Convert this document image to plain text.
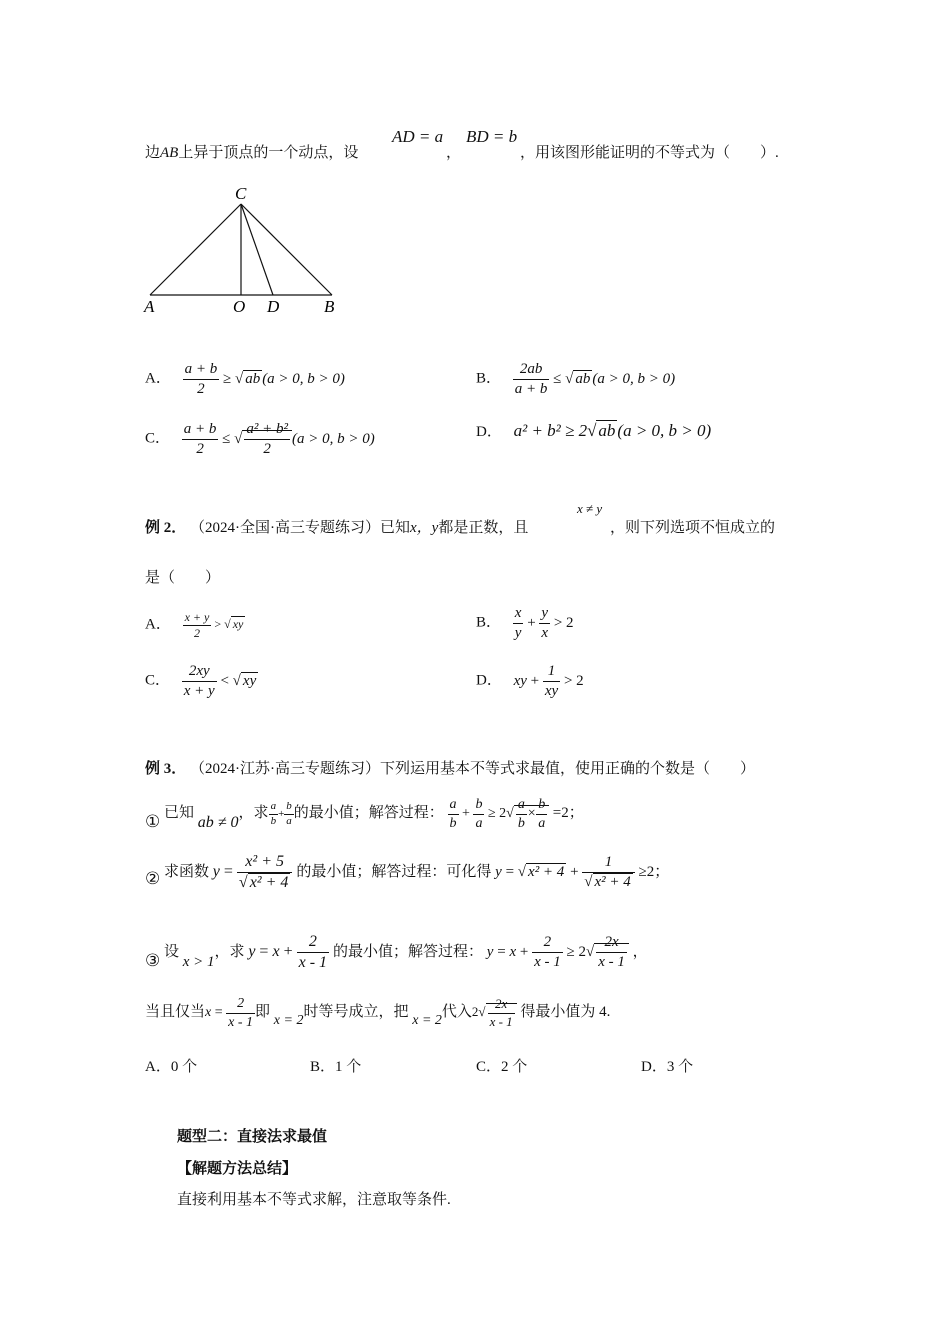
边AB上异于顶点的一个动点，设
AD = a
，
BD = b
，用该图形能证明的不等式为（　　）.
C
A	O D	B
A． $\frac{a + b}{2}$ ≥ √ ab (a > 0, b > 0)	B． $\frac{2ab}{a + b}$ ≤ √ ab (a > 0, b > 0)
C． $\frac{a + b}{2}$ ≤ √ $\frac{\text{a² + b²}}{2} (a > 0$, b > 0)	D． a² + b² ≥ 2√ ab (a > 0, b > 0)
例 2． （2024·全国·高三专题练习）已知x，y都是正数，且
x ≠ y
，则下列选项不恒成立的
是（　　）
A． $\frac{x + y}{2}$ > √ xy	B． $\frac{x}{y} + \frac{y}{x} > 2$
C． $\frac{2xy}{x + y}$ < √ xy	D． xy + $\frac{1}{xy} > 2$
例 3． （2024·江苏·高三专题练习）下列运用基本不等式求最值，使用正确的个数是（　　）
① 已知 ab ≠ 0，求 $\frac{a}{b} + \frac{b}{a}$ 的最小值；解答过程： $\frac{a}{b} + \frac{b}{a} \ge 2√ \frac{a}{b} \times \frac{b}{a} =2$；
② 求函数 $y = \frac{\text{x² + 5}}{\text{√ x² + 4}}$ 的最小值；解答过程：可化得 y = √ $x^2 + 4 + \frac{1}{\text{√ x² + 4}} \ge 2$；
③ 设 x > 1，求 $y = x + \frac{2}{x - 1}$ 的最小值；解答过程： $y = x + \frac{2}{x - 1} \ge 2√ \frac{2x}{x - 1}$ ，
当且仅当$x = \frac{2}{x - 1}$ 即 x = 2时等号成立，把 x = 2代入$2√ \frac{2x}{x - 1}$ 得最小值为 4.
A．0 个	B．1 个	C．2 个	D．3 个
题型二：直接法求最值
【解题方法总结】
直接利用基本不等式求解，注意取等条件.
